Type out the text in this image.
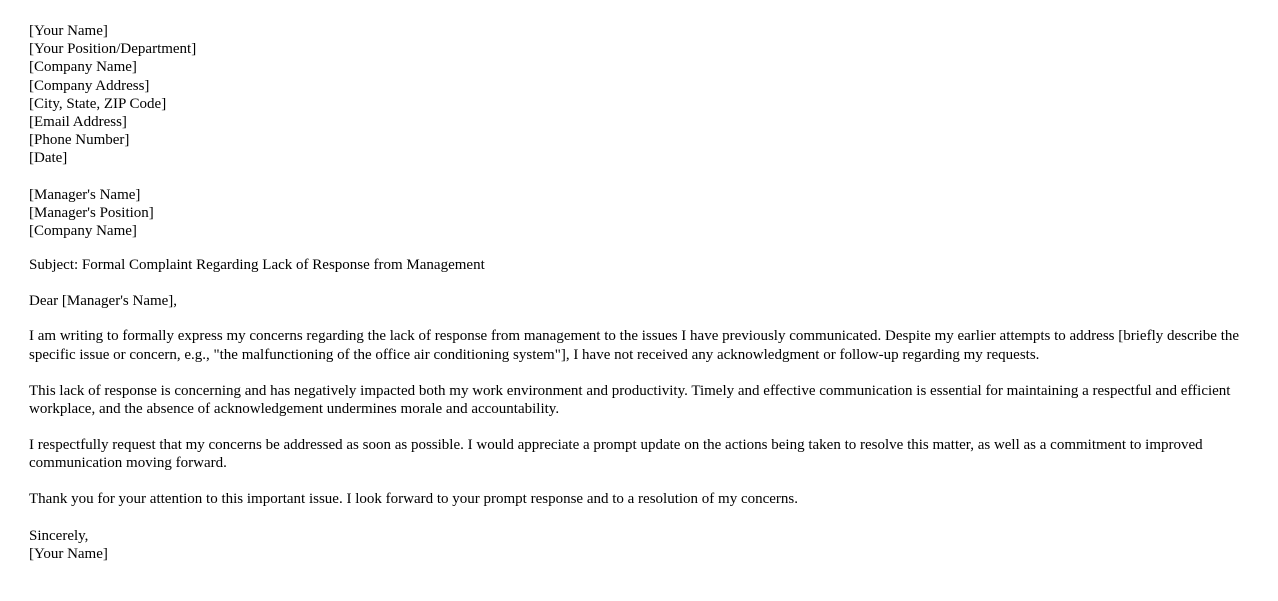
[Your Name]
[Your Position/Department]
[Company Name]
[Company Address]
[City, State, ZIP Code]
[Email Address]
[Phone Number]
[Date]
[Manager's Name]
[Manager's Position]
[Company Name]

Subject: Formal Complaint Regarding Lack of Response from Management

Dear [Manager's Name],

I am writing to formally express my concerns regarding the lack of response from management to the issues I have previously communicated. Despite my earlier attempts to address [briefly describe the specific issue or concern, e.g., "the malfunctioning of the office air conditioning system"], I have not received any acknowledgment or follow-up regarding my requests.

This lack of response is concerning and has negatively impacted both my work environment and productivity. Timely and effective communication is essential for maintaining a respectful and efficient workplace, and the absence of acknowledgement undermines morale and accountability.

I respectfully request that my concerns be addressed as soon as possible. I would appreciate a prompt update on the actions being taken to resolve this matter, as well as a commitment to improved communication moving forward.

Thank you for your attention to this important issue. I look forward to your prompt response and to a resolution of my concerns.

Sincerely,
[Your Name]
